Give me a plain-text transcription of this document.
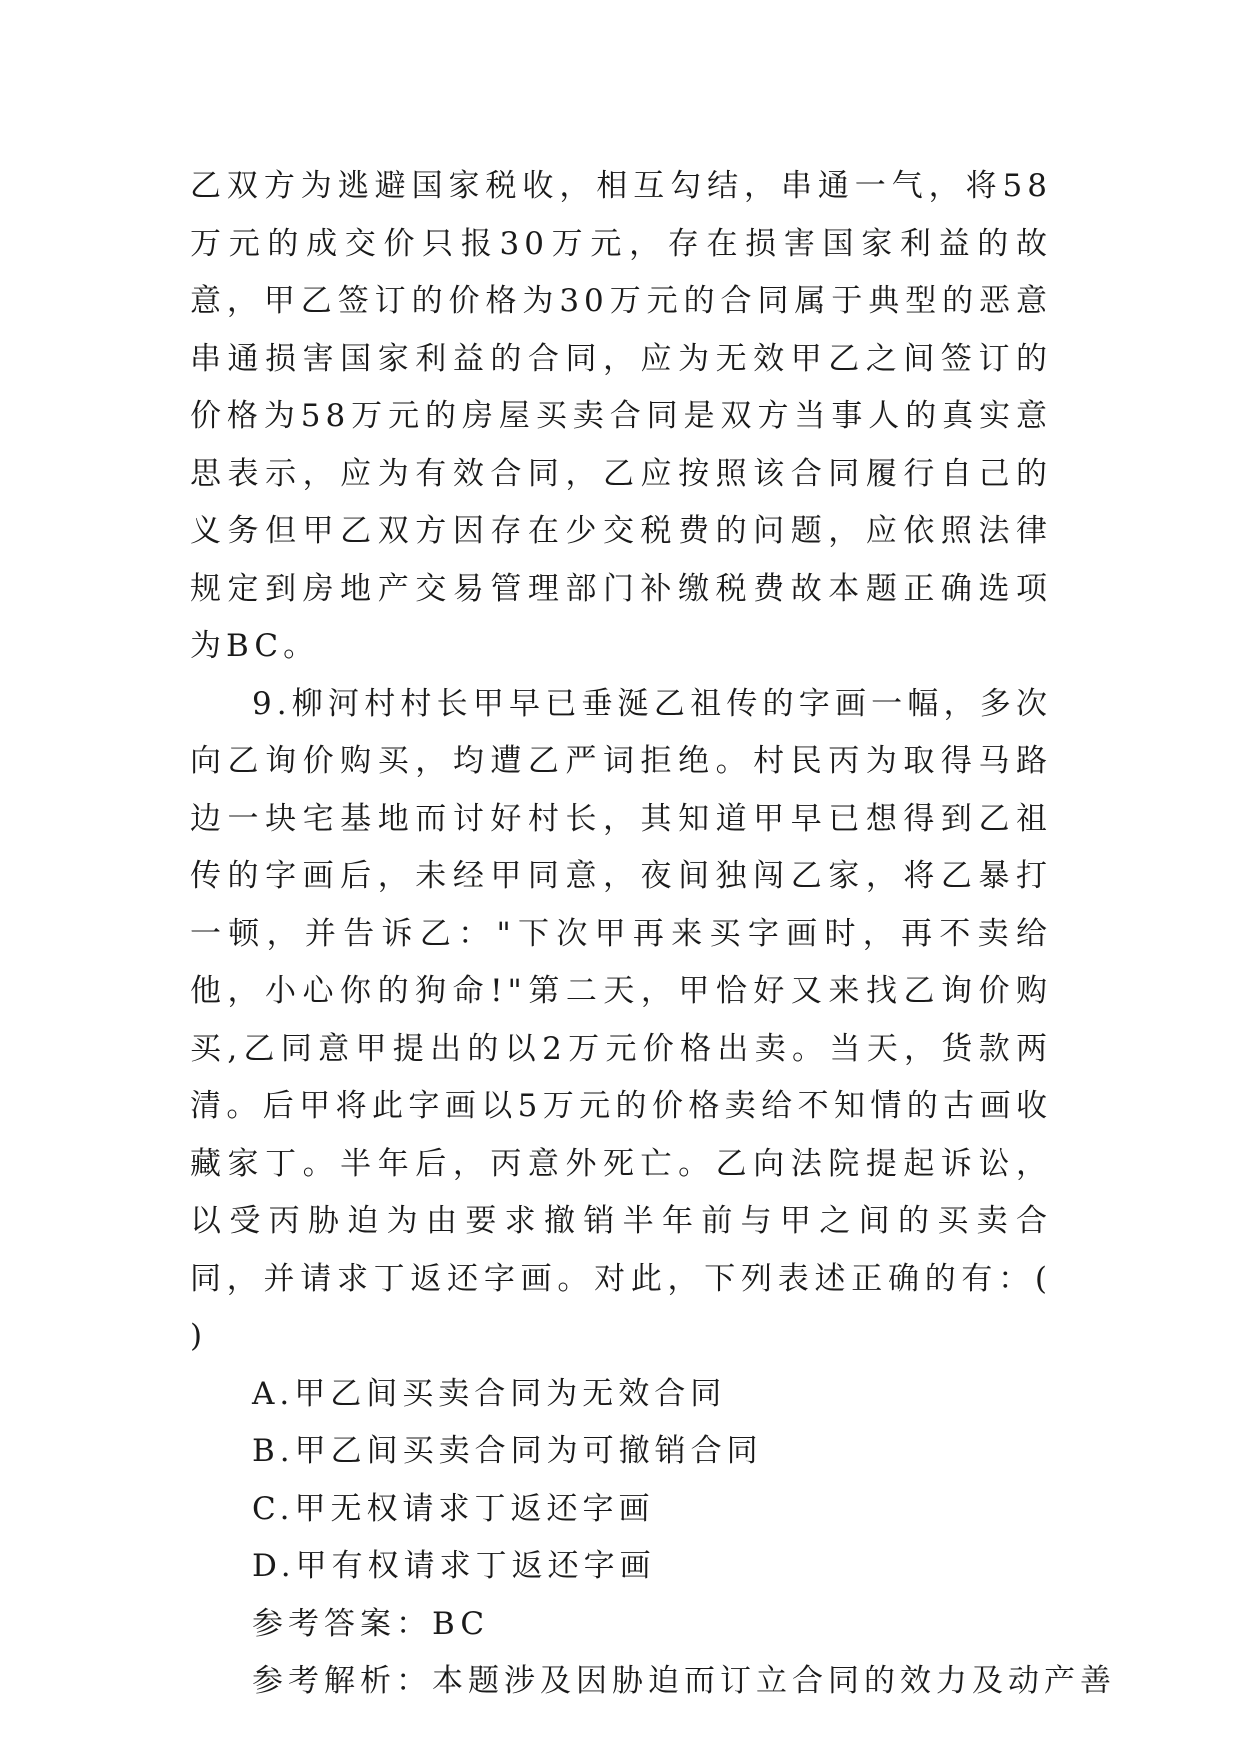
乙双方为逃避国家税收，相互勾结，串通一气，将58万元的成交价只报30万元，存在损害国家利益的故意，甲乙签订的价格为30万元的合同属于典型的恶意串通损害国家利益的合同，应为无效甲乙之间签订的价格为58万元的房屋买卖合同是双方当事人的真实意思表示，应为有效合同，乙应按照该合同履行自己的义务但甲乙双方因存在少交税费的问题，应依照法律规定到房地产交易管理部门补缴税费故本题正确选项为BC。

9.柳河村村长甲早已垂涎乙祖传的字画一幅，多次向乙询价购买，均遭乙严词拒绝。村民丙为取得马路边一块宅基地而讨好村长，其知道甲早已想得到乙祖传的字画后，未经甲同意，夜间独闯乙家，将乙暴打一顿，并告诉乙："下次甲再来买字画时，再不卖给他，小心你的狗命!"第二天，甲恰好又来找乙询价购买,乙同意甲提出的以2万元价格出卖。当天，货款两清。后甲将此字画以5万元的价格卖给不知情的古画收藏家丁。半年后，丙意外死亡。乙向法院提起诉讼，以受丙胁迫为由要求撤销半年前与甲之间的买卖合同，并请求丁返还字画。对此，下列表述正确的有：( )

A.甲乙间买卖合同为无效合同

B.甲乙间买卖合同为可撤销合同

C.甲无权请求丁返还字画

D.甲有权请求丁返还字画

参考答案：BC

参考解析：本题涉及因胁迫而订立合同的效力及动产善
